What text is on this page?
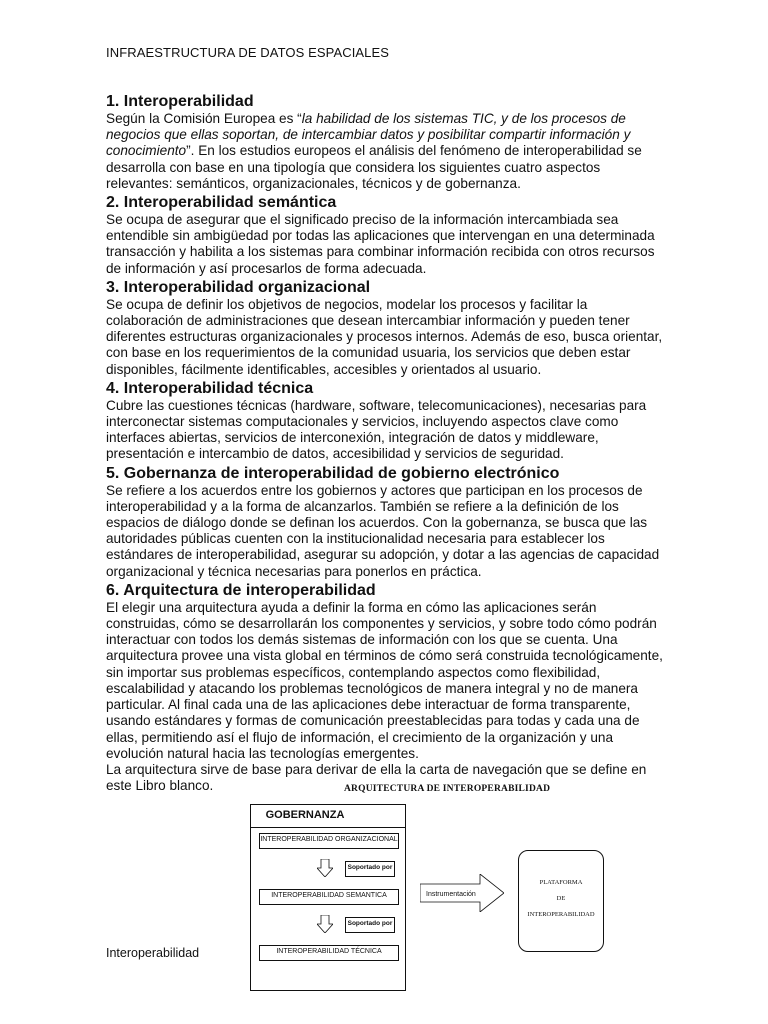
INFRAESTRUCTURA DE DATOS ESPACIALES
1. Interoperabilidad

Según la Comisión Europea es “la habilidad de los sistemas TIC, y de los procesos de negocios que ellas soportan, de intercambiar datos y posibilitar compartir información y conocimiento”. En los estudios europeos el análisis del fenómeno de interoperabilidad se desarrolla con base en una tipología que considera los siguientes cuatro aspectos relevantes: semánticos, organizacionales, técnicos y de gobernanza.

2. Interoperabilidad semántica

Se ocupa de asegurar que el significado preciso de la información intercambiada sea entendible sin ambigüedad por todas las aplicaciones que intervengan en una determinada transacción y habilita a los sistemas para combinar información recibida con otros recursos de información y así procesarlos de forma adecuada.

3. Interoperabilidad organizacional

Se ocupa de definir los objetivos de negocios, modelar los procesos y facilitar la colaboración de administraciones que desean intercambiar información y pueden tener diferentes estructuras organizacionales y procesos internos. Además de eso, busca orientar, con base en los requerimientos de la comunidad usuaria, los servicios que deben estar disponibles, fácilmente identificables, accesibles y orientados al usuario.

4. Interoperabilidad técnica

Cubre las cuestiones técnicas (hardware, software, telecomunicaciones), necesarias para interconectar sistemas computacionales y servicios, incluyendo aspectos clave como interfaces abiertas, servicios de interconexión, integración de datos y middleware, presentación e intercambio de datos, accesibilidad y servicios de seguridad.

5. Gobernanza de interoperabilidad de gobierno electrónico

Se refiere a los acuerdos entre los gobiernos y actores que participan en los procesos de interoperabilidad y a la forma de alcanzarlos. También se refiere a la definición de los espacios de diálogo donde se definan los acuerdos. Con la gobernanza, se busca que las autoridades públicas cuenten con la institucionalidad necesaria para establecer los estándares de interoperabilidad, asegurar su adopción, y dotar a las agencias de capacidad organizacional y técnica necesarias para ponerlos en práctica.

6. Arquitectura de interoperabilidad

El elegir una arquitectura ayuda a definir la forma en cómo las aplicaciones serán construidas, cómo se desarrollarán los componentes y servicios, y sobre todo cómo podrán interactuar con todos los demás sistemas de información con los que se cuenta. Una arquitectura provee una vista global en términos de cómo será construida tecnológicamente, sin importar sus problemas específicos, contemplando aspectos como flexibilidad, escalabilidad y atacando los problemas tecnológicos de manera integral y no de manera particular. Al final cada una de las aplicaciones debe interactuar de forma transparente, usando estándares y formas de comunicación preestablecidas para todas y cada una de ellas, permitiendo así el flujo de información, el crecimiento de la organización y una evolución natural hacia las tecnologías emergentes.

La arquitectura sirve de base para derivar de ella la carta de navegación que se define en este Libro blanco.	ARQUITECTURA DE INTEROPERABILIDAD
GOBERNANZA
INTEROPERABILIDAD ORGANIZACIONAL
Soportado por
INTEROPERABILIDAD SEMANTICA
Soportado por
INTEROPERABILIDAD TÉCNICA
Instrumentación
PLATAFORMA
DE
INTEROPERABILIDAD
Interoperabilidad
